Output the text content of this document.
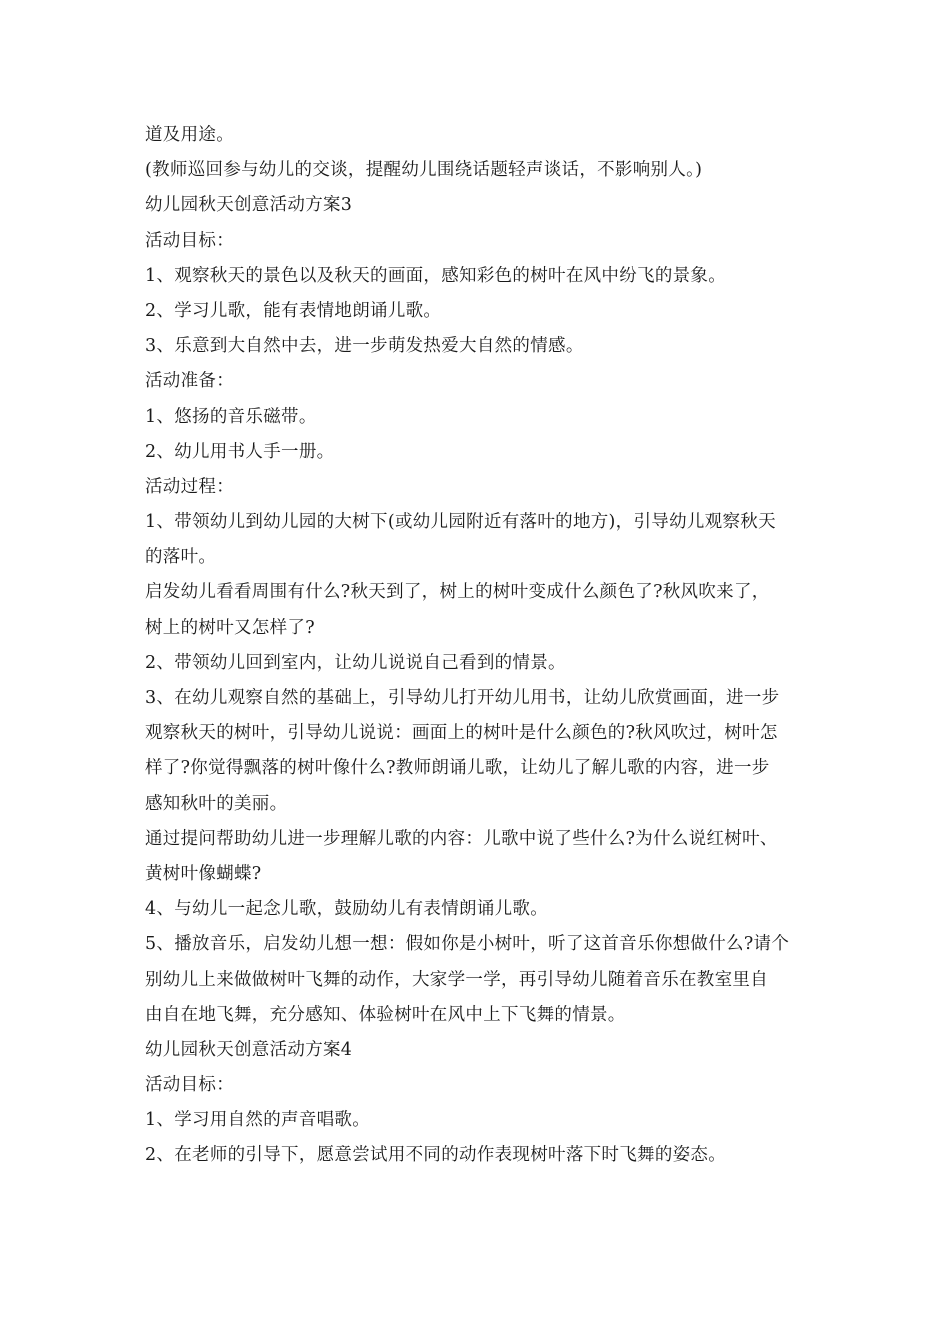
道及用途。
(教师巡回参与幼儿的交谈，提醒幼儿围绕话题轻声谈话，不影响别人。)
幼儿园秋天创意活动方案3
活动目标：
1、观察秋天的景色以及秋天的画面，感知彩色的树叶在风中纷飞的景象。
2、学习儿歌，能有表情地朗诵儿歌。
3、乐意到大自然中去，进一步萌发热爱大自然的情感。
活动准备：
1、悠扬的音乐磁带。
2、幼儿用书人手一册。
活动过程：
1、带领幼儿到幼儿园的大树下(或幼儿园附近有落叶的地方)，引导幼儿观察秋天
的落叶。
启发幼儿看看周围有什么?秋天到了，树上的树叶变成什么颜色了?秋风吹来了，
树上的树叶又怎样了?
2、带领幼儿回到室内，让幼儿说说自己看到的情景。
3、在幼儿观察自然的基础上，引导幼儿打开幼儿用书，让幼儿欣赏画面，进一步
观察秋天的树叶，引导幼儿说说：画面上的树叶是什么颜色的?秋风吹过，树叶怎
样了?你觉得飘落的树叶像什么?教师朗诵儿歌，让幼儿了解儿歌的内容，进一步
感知秋叶的美丽。
通过提问帮助幼儿进一步理解儿歌的内容：儿歌中说了些什么?为什么说红树叶、
黄树叶像蝴蝶?
4、与幼儿一起念儿歌，鼓励幼儿有表情朗诵儿歌。
5、播放音乐，启发幼儿想一想：假如你是小树叶，听了这首音乐你想做什么?请个
别幼儿上来做做树叶飞舞的动作，大家学一学，再引导幼儿随着音乐在教室里自
由自在地飞舞，充分感知、体验树叶在风中上下飞舞的情景。
幼儿园秋天创意活动方案4
活动目标：
1、学习用自然的声音唱歌。
2、在老师的引导下，愿意尝试用不同的动作表现树叶落下时飞舞的姿态。
